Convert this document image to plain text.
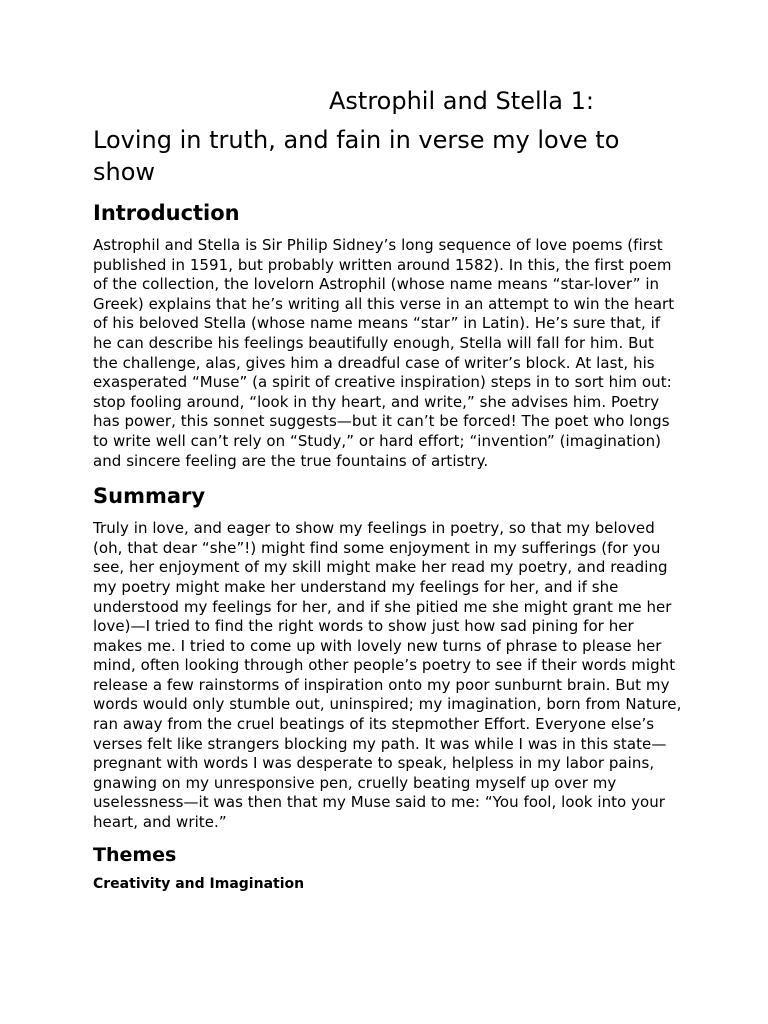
Astrophil and Stella 1:
Loving in truth, and fain in verse my love to show
Introduction

Astrophil and Stella is Sir Philip Sidney’s long sequence of love poems (first published in 1591, but probably written around 1582). In this, the first poem of the collection, the lovelorn Astrophil (whose name means “star-lover” in Greek) explains that he’s writing all this verse in an attempt to win the heart of his beloved Stella (whose name means “star” in Latin). He’s sure that, if he can describe his feelings beautifully enough, Stella will fall for him. But the challenge, alas, gives him a dreadful case of writer’s block. At last, his exasperated “Muse” (a spirit of creative inspiration) steps in to sort him out: stop fooling around, “look in thy heart, and write,” she advises him. Poetry has power, this sonnet suggests—but it can’t be forced! The poet who longs to write well can’t rely on “Study,” or hard effort; “invention” (imagination) and sincere feeling are the true fountains of artistry.

Summary

Truly in love, and eager to show my feelings in poetry, so that my beloved (oh, that dear “she”!) might find some enjoyment in my sufferings (for you see, her enjoyment of my skill might make her read my poetry, and reading my poetry might make her understand my feelings for her, and if she understood my feelings for her, and if she pitied me she might grant me her love)—I tried to find the right words to show just how sad pining for her makes me. I tried to come up with lovely new turns of phrase to please her mind, often looking through other people’s poetry to see if their words might release a few rainstorms of inspiration onto my poor sunburnt brain. But my words would only stumble out, uninspired; my imagination, born from Nature, ran away from the cruel beatings of its stepmother Effort. Everyone else’s verses felt like strangers blocking my path. It was while I was in this state—pregnant with words I was desperate to speak, helpless in my labor pains, gnawing on my unresponsive pen, cruelly beating myself up over my uselessness—it was then that my Muse said to me: “You fool, look into your heart, and write.”

Themes
Creativity and Imagination
